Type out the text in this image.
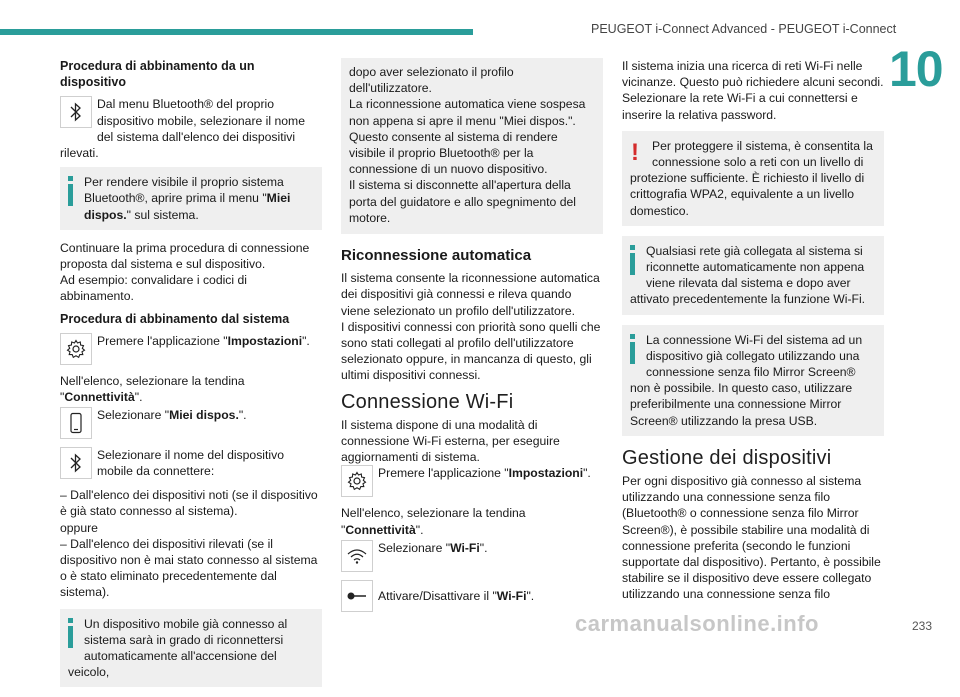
PEUGEOT i-Connect Advanced - PEUGEOT i-Connect
10
Procedura di abbinamento da un dispositivo
Dal menu Bluetooth® del proprio dispositivo mobile, selezionare il nome del sistema dall'elenco dei dispositivi rilevati.
Per rendere visibile il proprio sistema Bluetooth®, aprire prima il menu "Miei dispos." sul sistema.

Continuare la prima procedura di connessione proposta dal sistema e sul dispositivo.
Ad esempio: convalidare i codici di abbinamento.

Procedura di abbinamento dal sistema
Premere l'applicazione "Impostazioni".

Nell'elenco, selezionare la tendina "Connettività".

Selezionare "Miei dispos.".
Selezionare il nome del dispositivo mobile da connettere:

– Dall'elenco dei dispositivi noti (se il dispositivo è già stato connesso al sistema).

oppure

– Dall'elenco dei dispositivi rilevati (se il dispositivo non è mai stato connesso al sistema o è stato eliminato precedentemente dal sistema).

Un dispositivo mobile già connesso al sistema sarà in grado di riconnettersi automaticamente all'accensione del veicolo,

dopo aver selezionato il profilo dell'utilizzatore.

La riconnessione automatica viene sospesa non appena si apre il menu "Miei dispos.".

Questo consente al sistema di rendere visibile il proprio Bluetooth® per la connessione di un nuovo dispositivo.

Il sistema si disconnette all'apertura della porta del guidatore e allo spegnimento del motore.

Riconnessione automatica

Il sistema consente la riconnessione automatica dei dispositivi già connessi e rileva quando viene selezionato un profilo dell'utilizzatore.

I dispositivi connessi con priorità sono quelli che sono stati collegati al profilo dell'utilizzatore selezionato oppure, in mancanza di questo, gli ultimi dispositivi connessi.

Connessione Wi-Fi

Il sistema dispone di una modalità di connessione Wi-Fi esterna, per eseguire aggiornamenti di sistema.

Premere l'applicazione "Impostazioni".

Nell'elenco, selezionare la tendina "Connettività".

Selezionare "Wi-Fi".
Attivare/Disattivare il "Wi-Fi".

Il sistema inizia una ricerca di reti Wi-Fi nelle vicinanze. Questo può richiedere alcuni secondi.

Selezionare la rete Wi-Fi a cui connettersi e inserire la relativa password.

!	Per proteggere il sistema, è consentita la connessione solo a reti con un livello di protezione sufficiente. È richiesto il livello di crittografia WPA2, equivalente a un livello domestico.
Qualsiasi rete già collegata al sistema si riconnette automaticamente non appena viene rilevata dal sistema e dopo aver attivato precedentemente la funzione Wi-Fi.
La connessione Wi-Fi del sistema ad un dispositivo già collegato utilizzando una connessione senza filo Mirror Screen® non è possibile. In questo caso, utilizzare preferibilmente una connessione Mirror Screen® utilizzando la presa USB.
Gestione dei dispositivi

Per ogni dispositivo già connesso al sistema utilizzando una connessione senza filo (Bluetooth® o connessione senza filo Mirror Screen®), è possibile stabilire una modalità di connessione preferita (secondo le funzioni supportate dal dispositivo). Pertanto, è possibile stabilire se il dispositivo deve essere collegato utilizzando una connessione senza filo

carmanualsonline.info	233
